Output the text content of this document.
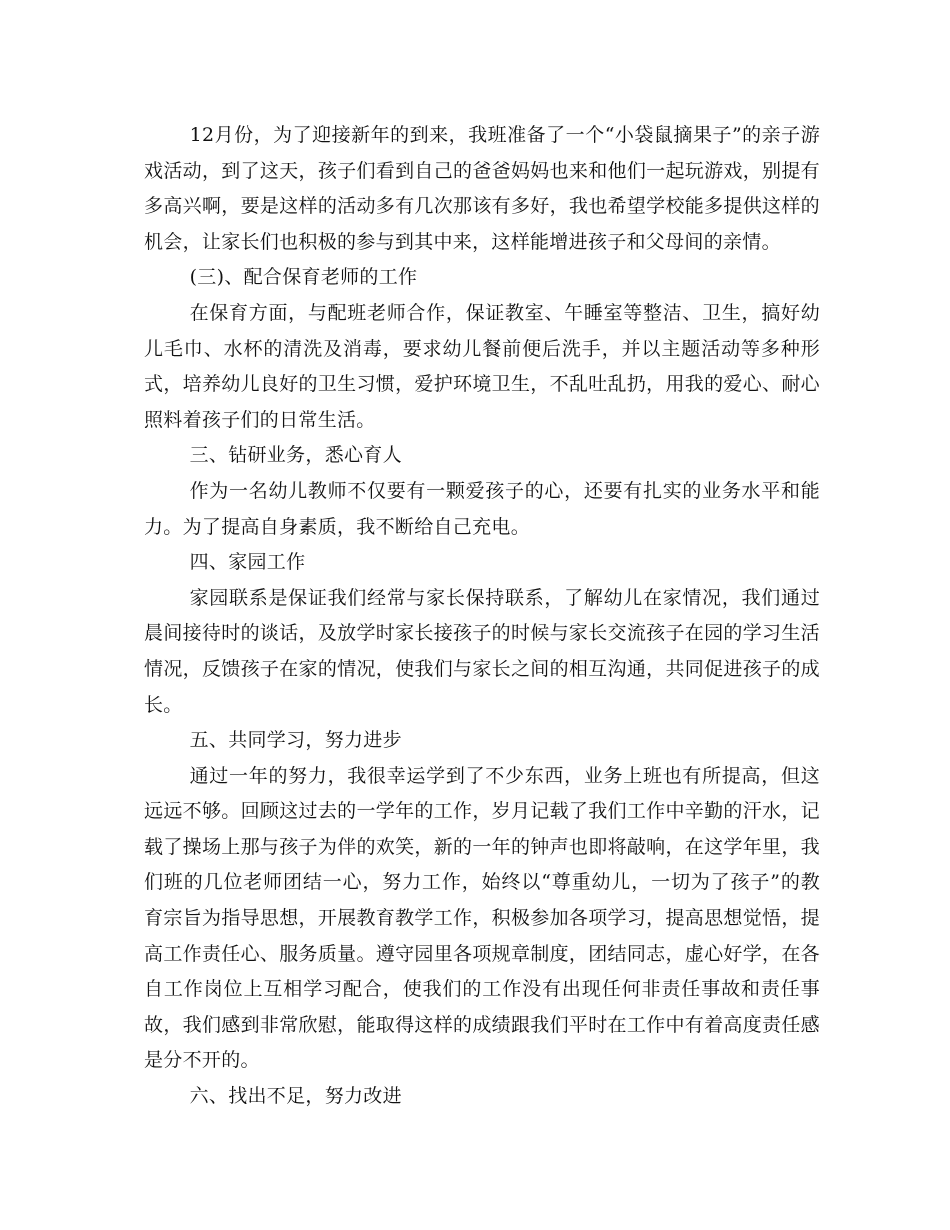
12月份，为了迎接新年的到来，我班准备了一个“小袋鼠摘果子”的亲子游戏活动，到了这天，孩子们看到自己的爸爸妈妈也来和他们一起玩游戏，别提有多高兴啊，要是这样的活动多有几次那该有多好，我也希望学校能多提供这样的机会，让家长们也积极的参与到其中来，这样能增进孩子和父母间的亲情。

(三)、配合保育老师的工作

在保育方面，与配班老师合作，保证教室、午睡室等整洁、卫生，搞好幼儿毛巾、水杯的清洗及消毒，要求幼儿餐前便后洗手，并以主题活动等多种形式，培养幼儿良好的卫生习惯，爱护环境卫生，不乱吐乱扔，用我的爱心、耐心照料着孩子们的日常生活。

三、钻研业务，悉心育人

作为一名幼儿教师不仅要有一颗爱孩子的心，还要有扎实的业务水平和能力。为了提高自身素质，我不断给自己充电。

四、家园工作

家园联系是保证我们经常与家长保持联系，了解幼儿在家情况，我们通过晨间接待时的谈话，及放学时家长接孩子的时候与家长交流孩子在园的学习生活情况，反馈孩子在家的情况，使我们与家长之间的相互沟通，共同促进孩子的成长。

五、共同学习，努力进步

通过一年的努力，我很幸运学到了不少东西，业务上班也有所提高，但这远远不够。回顾这过去的一学年的工作，岁月记载了我们工作中辛勤的汗水，记载了操场上那与孩子为伴的欢笑，新的一年的钟声也即将敲响，在这学年里，我们班的几位老师团结一心，努力工作，始终以“尊重幼儿，一切为了孩子”的教育宗旨为指导思想，开展教育教学工作，积极参加各项学习，提高思想觉悟，提高工作责任心、服务质量。遵守园里各项规章制度，团结同志，虚心好学，在各自工作岗位上互相学习配合，使我们的工作没有出现任何非责任事故和责任事故，我们感到非常欣慰，能取得这样的成绩跟我们平时在工作中有着高度责任感是分不开的。

六、找出不足，努力改进
